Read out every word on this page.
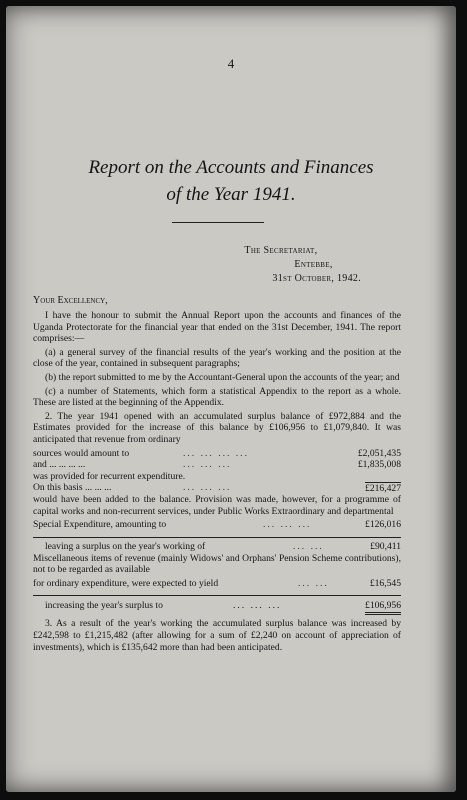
4
Report on the Accounts and Finances
of the Year 1941.
The Secretariat,
Entebbe,
31st October, 1942.
Your Excellency,

I have the honour to submit the Annual Report upon the accounts and finances of the Uganda Protectorate for the financial year that ended on the 31st December, 1941. The report comprises:—

(a) a general survey of the financial results of the year's working and the position at the close of the year, contained in subsequent paragraphs;

(b) the report submitted to me by the Accountant-General upon the accounts of the year; and

(c) a number of Statements, which form a statistical Appendix to the report as a whole. These are listed at the beginning of the Appendix.

2. The year 1941 opened with an accumulated surplus balance of £972,884 and the Estimates provided for the increase of this balance by £106,956 to £1,079,840. It was anticipated that revenue from ordinary

sources would amount to	... ... ... ...	£2,051,435
and ... ... ... ...	... ... ...	£1,835,008
was provided for recurrent expenditure.
On this basis ... ... ...	... ... ...	£216,427

would have been added to the balance. Provision was made, however, for a programme of capital works and non-recurrent services, under Public Works Extraordinary and departmental

Special Expenditure, amounting to	... ... ...	£126,016
leaving a surplus on the year's working of	... ...	£90,411

Miscellaneous items of revenue (mainly Widows' and Orphans' Pension Scheme contributions), not to be regarded as available

for ordinary expenditure, were expected to yield	... ...	£16,545
increasing the year's surplus to	... ... ...	£106,956

3. As a result of the year's working the accumulated surplus balance was increased by £242,598 to £1,215,482 (after allowing for a sum of £2,240 on account of appreciation of investments), which is £135,642 more than had been anticipated.
